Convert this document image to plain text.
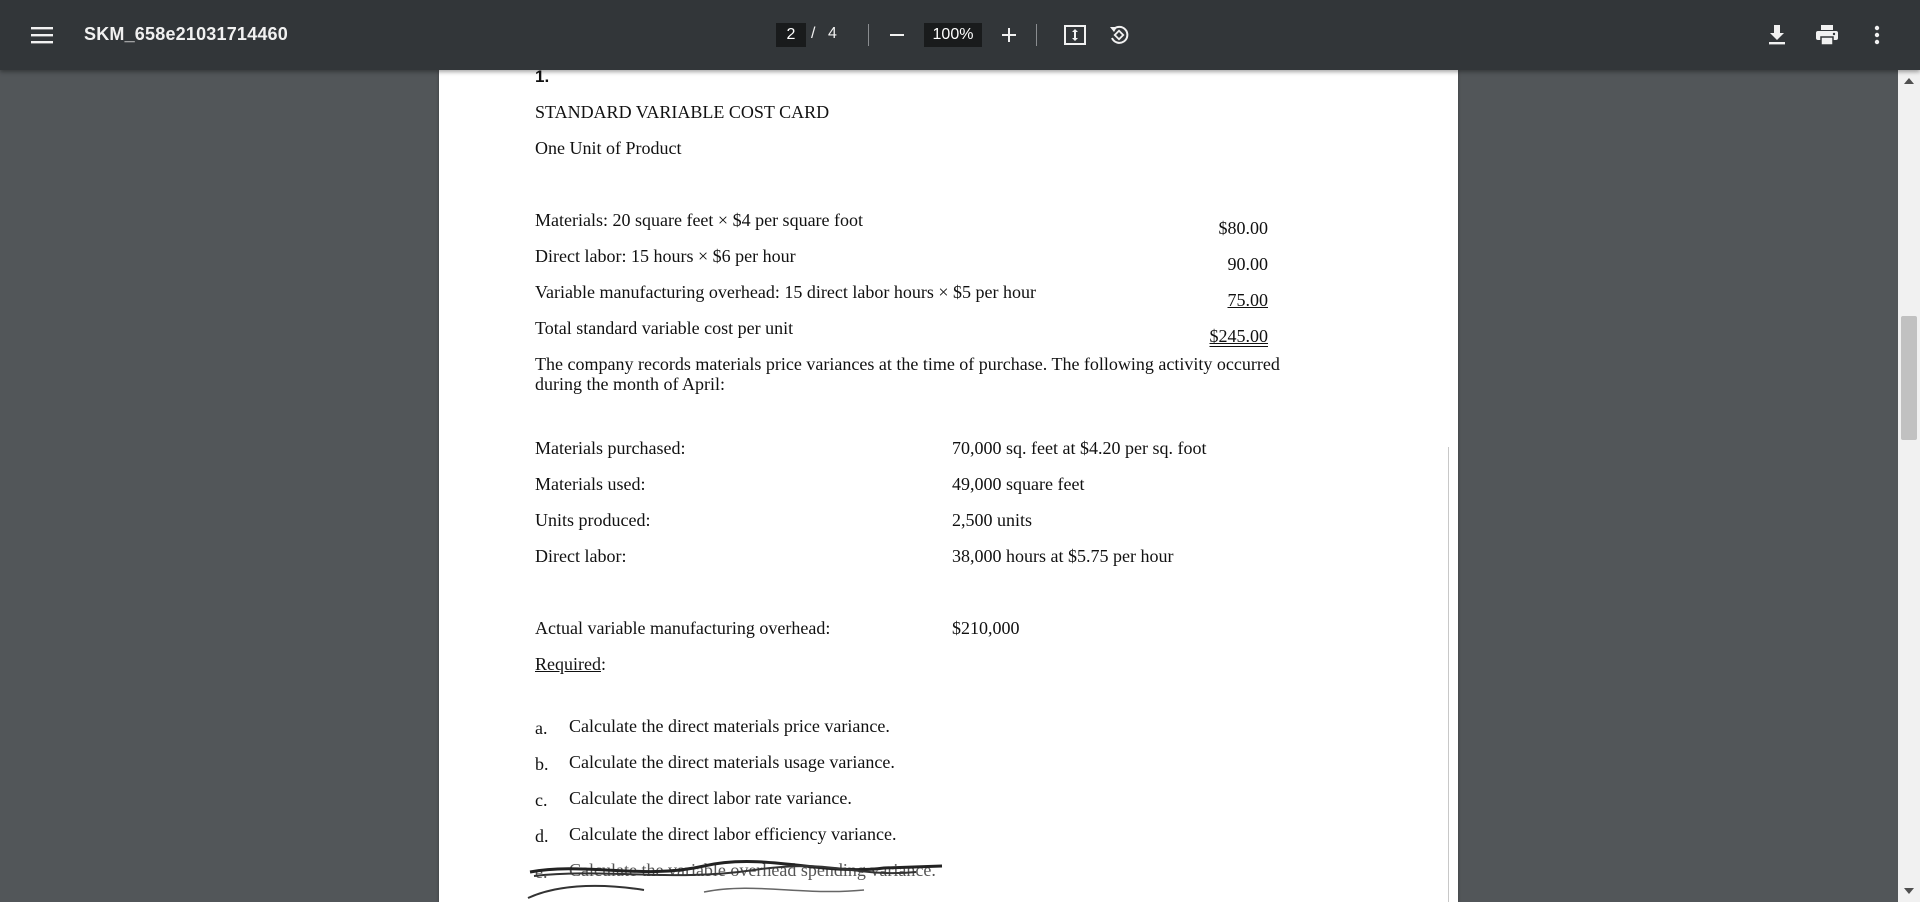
SKM_658e21031714460	2 / 4	100%
1.
STANDARD VARIABLE COST CARD
One Unit of Product
Materials: 20 square feet × $4 per square foot	$80.00
Direct labor: 15 hours × $6 per hour	90.00
Variable manufacturing overhead: 15 direct labor hours × $5 per hour	75.00
Total standard variable cost per unit	$245.00
The company records materials price variances at the time of purchase. The following activity occurred
during the month of April:
Materials purchased:	70,000 sq. feet at $4.20 per sq. foot
Materials used:	49,000 square feet
Units produced:	2,500 units
Direct labor:	38,000 hours at $5.75 per hour
Actual variable manufacturing overhead:	$210,000
Required:
a. Calculate the direct materials price variance.
b. Calculate the direct materials usage variance.
c. Calculate the direct labor rate variance.
d. Calculate the direct labor efficiency variance.
e. Calculate the variable overhead spending variance.
